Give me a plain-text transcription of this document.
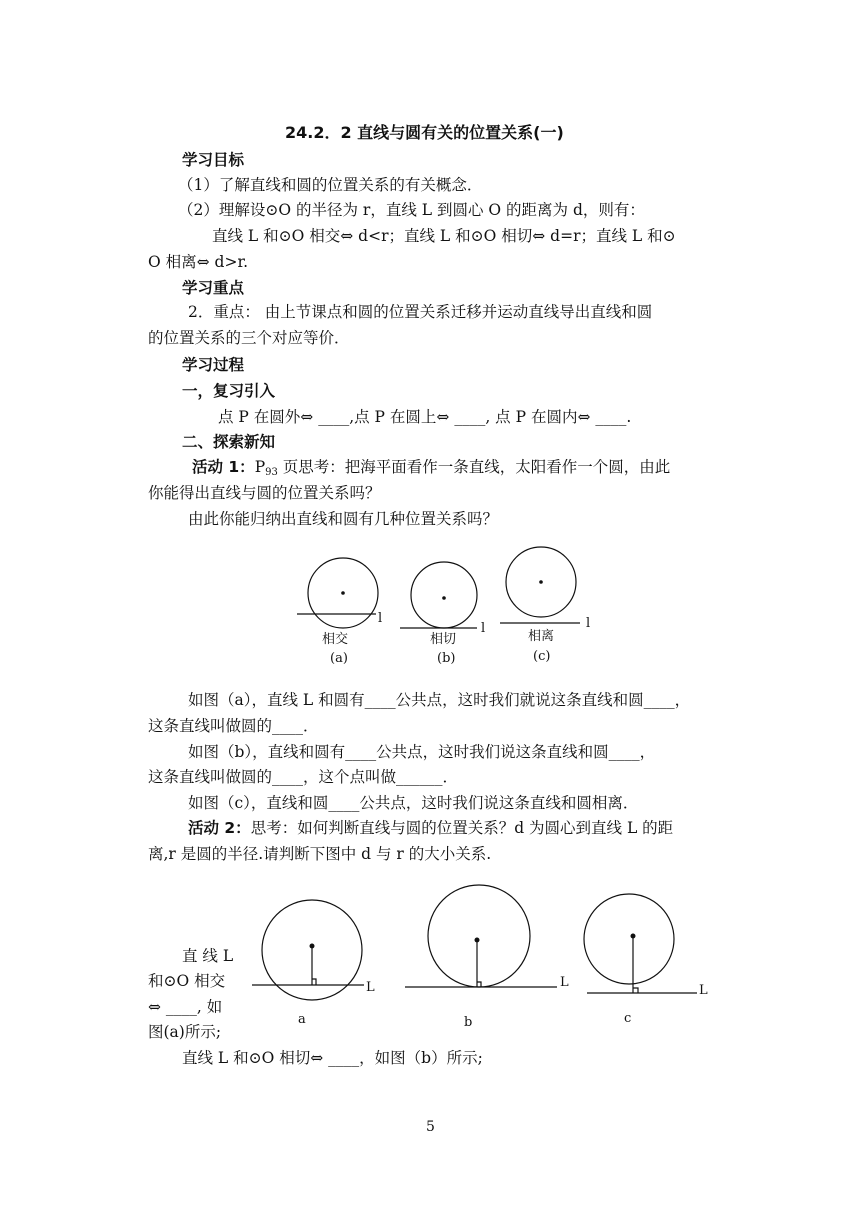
24.2．2 直线与圆有关的位置关系(一)
学习目标
（1）了解直线和圆的位置关系的有关概念．
（2）理解设⊙O 的半径为 r，直线 L 到圆心 O 的距离为 d，则有：
直线 L 和⊙O 相交⇔ d<r；直线 L 和⊙O 相切⇔ d=r；直线 L 和⊙
O 相离⇔ d>r.
学习重点
2．重点： 由上节课点和圆的位置关系迁移并运动直线导出直线和圆
的位置关系的三个对应等价．
学习过程
一，复习引入
点 P 在圆外⇔ ____,点 P 在圆上⇔ ____, 点 P 在圆内⇔ ____.
二、探索新知
活动 1：$P_{93}$ 页思考：把海平面看作一条直线，太阳看作一个圆，由此
你能得出直线与圆的位置关系吗？
由此你能归纳出直线和圆有几种位置关系吗？
l
l	l
相交	相切	相离
(a)	(b)	(c)
L	L
L
a	b	c
如图（a），直线 L 和圆有____公共点，这时我们就说这条直线和圆____，
这条直线叫做圆的____．
如图（b），直线和圆有____公共点，这时我们说这条直线和圆____，
这条直线叫做圆的____，这个点叫做______．
如图（c），直线和圆____公共点，这时我们说这条直线和圆相离．
活动 2：思考：如何判断直线与圆的位置关系？d 为圆心到直线 L 的距
离,r 是圆的半径.请判断下图中 d 与 r 的大小关系.
直 线 L
和⊙O 相交
⇔ ____, 如
图(a)所示;
直线 L 和⊙O 相切⇔ ____，如图（b）所示;
5
